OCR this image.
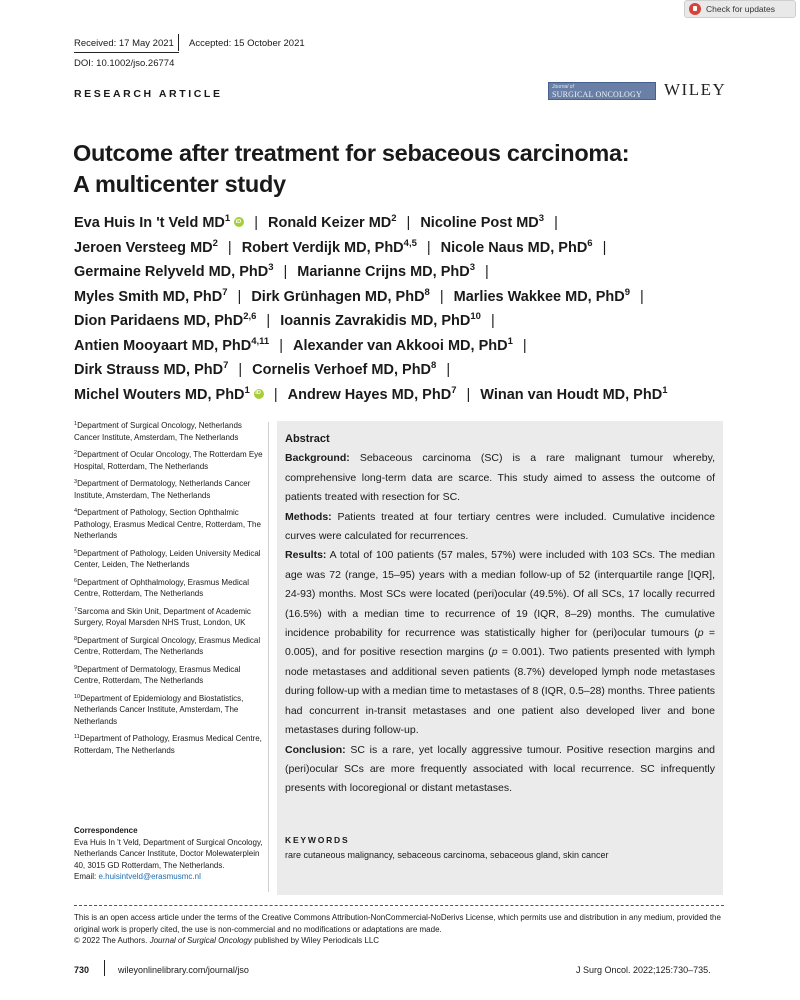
Check for updates
Received: 17 May 2021 Accepted: 15 October 2021
DOI: 10.1002/jso.26774
RESEARCH ARTICLE
Journal of
SURGICAL ONCOLOGY	WILEY
Outcome after treatment for sebaceous carcinoma:
A multicenter study
Eva Huis In 't Veld $MD^1iD$ | Ronald Keizer $MD^2$ | Nicoline Post $MD^3$ |
Jeroen Versteeg $MD^2$ | Robert Verdijk MD, PhD$^{4,5}$ | Nicole Naus MD, PhD$^6$ |
Germaine Relyveld MD, PhD$^3$ | Marianne Crijns MD, PhD$^3$ |
Myles Smith MD, PhD$^7$ | Dirk Grünhagen MD, PhD$^8$ | Marlies Wakkee MD, PhD$^9$ |
Dion Paridaens MD, PhD$^{2,6}$ | Ioannis Zavrakidis MD, PhD$^{10}$ |
Antien Mooyaart MD, PhD$^{4,11}$ | Alexander van Akkooi MD, PhD$^1$ |
Dirk Strauss MD, PhD$^7$ | Cornelis Verhoef MD, PhD$^8$ |
Michel Wouters MD, PhD$^1$iD | Andrew Hayes MD, PhD$^7$ | Winan van Houdt MD, PhD$^1$
$^1$Department of Surgical Oncology, Netherlands Cancer Institute, Amsterdam, The Netherlands
$^2$Department of Ocular Oncology, The Rotterdam Eye Hospital, Rotterdam, The Netherlands
$^3$Department of Dermatology, Netherlands Cancer Institute, Amsterdam, The Netherlands
$^4$Department of Pathology, Section Ophthalmic Pathology, Erasmus Medical Centre, Rotterdam, The Netherlands
$^5$Department of Pathology, Leiden University Medical Center, Leiden, The Netherlands
$^6$Department of Ophthalmology, Erasmus Medical Centre, Rotterdam, The Netherlands
$^7$Sarcoma and Skin Unit, Department of Academic Surgery, Royal Marsden NHS Trust, London, UK
$^8$Department of Surgical Oncology, Erasmus Medical Centre, Rotterdam, The Netherlands
$^9$Department of Dermatology, Erasmus Medical Centre, Rotterdam, The Netherlands
$^{10}$Department of Epidemiology and Biostatistics, Netherlands Cancer Institute, Amsterdam, The Netherlands
$^{11}$Department of Pathology, Erasmus Medical Centre, Rotterdam, The Netherlands
Correspondence
Eva Huis In 't Veld, Department of Surgical Oncology, Netherlands Cancer Institute, Doctor Molewaterplein 40, 3015 GD Rotterdam, The Netherlands.
Email: e.huisintveld@erasmusmc.nl
Abstract

Background: Sebaceous carcinoma (SC) is a rare malignant tumour whereby, comprehensive long-term data are scarce. This study aimed to assess the outcome of patients treated with resection for SC.

Methods: Patients treated at four tertiary centres were included. Cumulative incidence curves were calculated for recurrences.

Results: A total of 100 patients (57 males, 57%) were included with 103 SCs. The median age was 72 (range, 15–95) years with a median follow-up of 52 (interquartile range [IQR], 24-93) months. Most SCs were located (peri)ocular (49.5%). Of all SCs, 17 locally recurred (16.5%) with a median time to recurrence of 19 (IQR, 8–29) months. The cumulative incidence probability for recurrence was statistically higher for (peri)ocular tumours (p = 0.005), and for positive resection margins (p = 0.001). Two patients presented with lymph node metastases and additional seven patients (8.7%) developed lymph node metastases during follow-up with a median time to metastases of 8 (IQR, 0.5–28) months. Three patients had concurrent in-transit metastases and one patient also developed liver and bone metastases during follow-up.

Conclusion: SC is a rare, yet locally aggressive tumour. Positive resection margins and (peri)ocular SCs are more frequently associated with local recurrence. SC infrequently presents with locoregional or distant metastases.

KEYWORDS
rare cutaneous malignancy, sebaceous carcinoma, sebaceous gland, skin cancer
This is an open access article under the terms of the Creative Commons Attribution-NonCommercial-NoDerivs License, which permits use and distribution in any medium, provided the original work is properly cited, the use is non-commercial and no modifications or adaptations are made.
© 2022 The Authors. Journal of Surgical Oncology published by Wiley Periodicals LLC
730	wileyonlinelibrary.com/journal/jso	J Surg Oncol. 2022;125:730–735.
